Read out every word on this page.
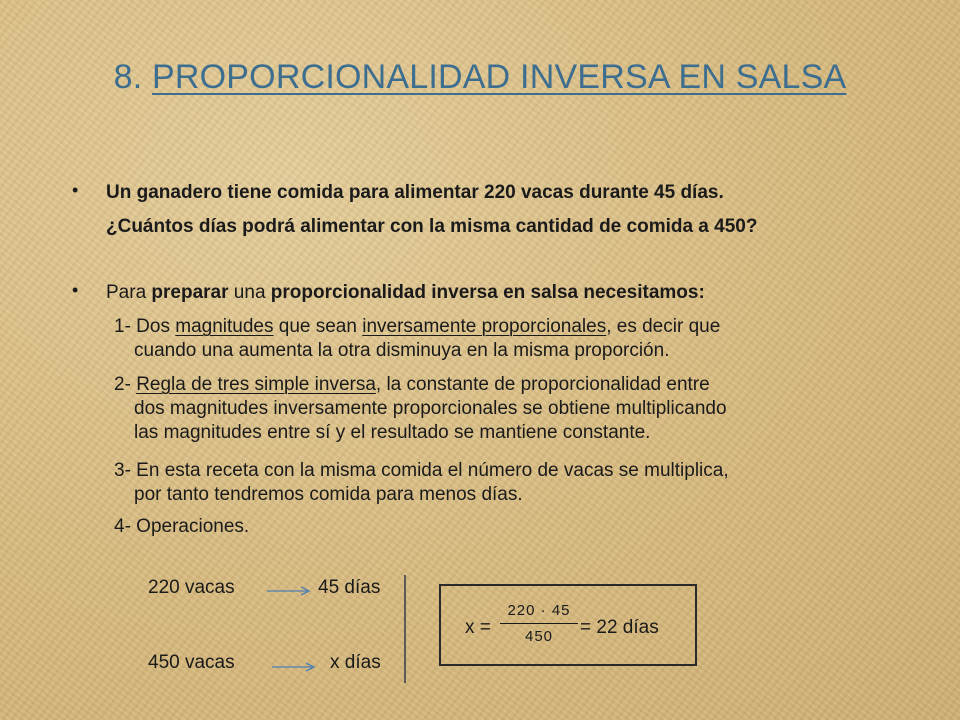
8. PROPORCIONALIDAD INVERSA EN SALSA
• Un ganadero tiene comida para alimentar 220 vacas durante 45 días.
¿Cuántos días podrá alimentar con la misma cantidad de comida a 450?
• Para preparar una proporcionalidad inversa en salsa necesitamos:
1- Dos magnitudes que sean inversamente proporcionales, es decir que
cuando una aumenta la otra disminuya en la misma proporción.
2- Regla de tres simple inversa, la constante de proporcionalidad entre
dos magnitudes inversamente proporcionales se obtiene multiplicando
las magnitudes entre sí y el resultado se mantiene constante.
3- En esta receta con la misma comida el número de vacas se multiplica,
por tanto tendremos comida para menos días.
4- Operaciones.
220 vacas	45 días
450 vacas	x días
x =
220 · 45
450	= 22 días
